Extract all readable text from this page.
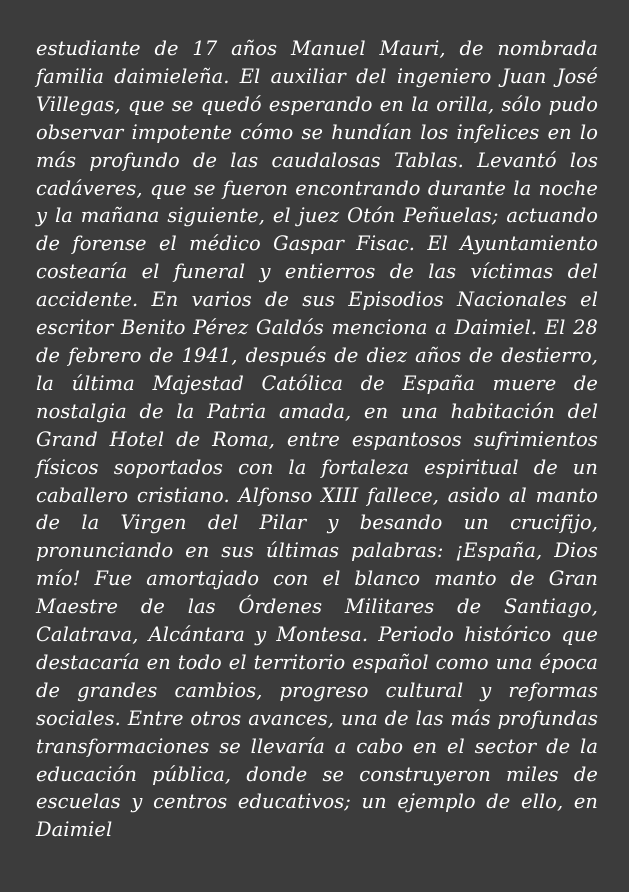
estudiante de 17 años Manuel Mauri, de nombrada familia daimieleña. El auxiliar del ingeniero Juan José Villegas, que se quedó esperando en la orilla, sólo pudo observar impotente cómo se hundían los infelices en lo más profundo de las caudalosas Tablas. Levantó los cadáveres, que se fueron encontrando durante la noche y la mañana siguiente, el juez Otón Peñuelas; actuando de forense el médico Gaspar Fisac. El Ayuntamiento costearía el funeral y entierros de las víctimas del accidente. En varios de sus Episodios Nacionales el escritor Benito Pérez Galdós menciona a Daimiel. El 28 de febrero de 1941, después de diez años de destierro, la última Majestad Católica de España muere de nostalgia de la Patria amada, en una habitación del Grand Hotel de Roma, entre espantosos sufrimientos físicos soportados con la fortaleza espiritual de un caballero cristiano. Alfonso XIII fallece, asido al manto de la Virgen del Pilar y besando un crucifijo, pronunciando en sus últimas palabras: ¡España, Dios mío! Fue amortajado con el blanco manto de Gran Maestre de las Órdenes Militares de Santiago, Calatrava, Alcántara y Montesa. Periodo histórico que destacaría en todo el territorio español como una época de grandes cambios, progreso cultural y reformas sociales. Entre otros avances, una de las más profundas transformaciones se llevaría a cabo en el sector de la educación pública, donde se construyeron miles de escuelas y centros educativos; un ejemplo de ello, en Daimiel
